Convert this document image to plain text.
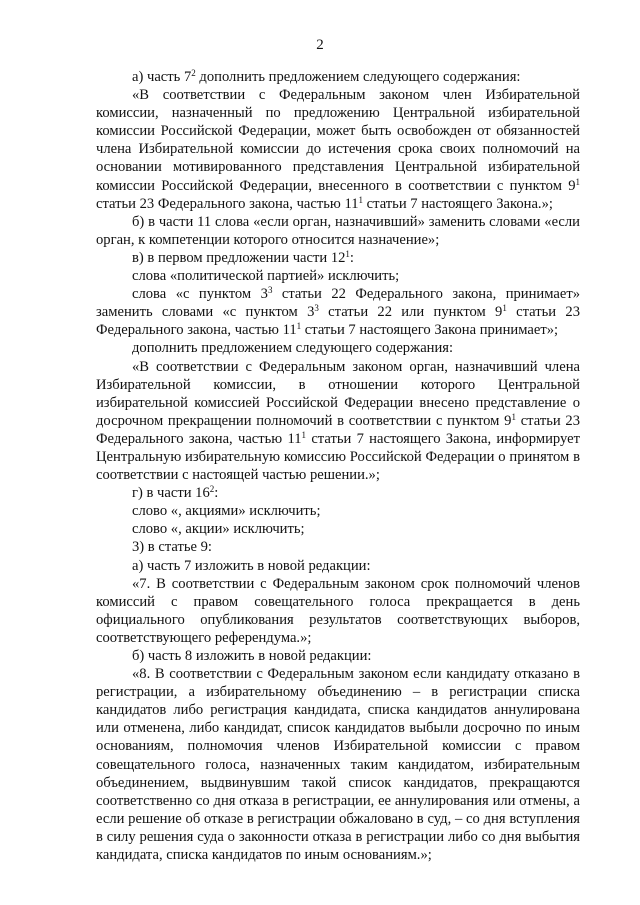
2

а) часть $7^2$ дополнить предложением следующего содержания:

«В соответствии с Федеральным законом член Избирательной комиссии, назначенный по предложению Центральной избирательной комиссии Российской Федерации, может быть освобожден от обязанностей члена Избирательной комиссии до истечения срока своих полномочий на основании мотивированного представления Центральной избирательной комиссии Российской Федерации, внесенного в соответствии с пунктом $9^1$ статьи 23 Федерального закона, частью $11^1$ статьи 7 настоящего Закона.»;

б) в части 11 слова «если орган, назначивший» заменить словами «если орган, к компетенции которого относится назначение»;

в) в первом предложении части $12^1$:

слова «политической партией» исключить;

слова «с пунктом $3^3$ статьи 22 Федерального закона, принимает» заменить словами «с пунктом $3^3$ статьи 22 или пунктом $9^1$ статьи 23 Федерального закона, частью $11^1$ статьи 7 настоящего Закона принимает»;

дополнить предложением следующего содержания:

«В соответствии с Федеральным законом орган, назначивший члена Избирательной комиссии, в отношении которого Центральной избирательной комиссией Российской Федерации внесено представление о досрочном прекращении полномочий в соответствии с пунктом $9^1$ статьи 23 Федерального закона, частью $11^1$ статьи 7 настоящего Закона, информирует Центральную избирательную комиссию Российской Федерации о принятом в соответствии с настоящей частью решении.»;

г) в части $16^2$:

слово «, акциями» исключить;

слово «, акции» исключить;

3) в статье 9:

а) часть 7 изложить в новой редакции:

«7. В соответствии с Федеральным законом срок полномочий членов комиссий с правом совещательного голоса прекращается в день официального опубликования результатов соответствующих выборов, соответствующего референдума.»;

б) часть 8 изложить в новой редакции:

«8. В соответствии с Федеральным законом если кандидату отказано в регистрации, а избирательному объединению – в регистрации списка кандидатов либо регистрация кандидата, списка кандидатов аннулирована или отменена, либо кандидат, список кандидатов выбыли досрочно по иным основаниям, полномочия членов Избирательной комиссии с правом совещательного голоса, назначенных таким кандидатом, избирательным объединением, выдвинувшим такой список кандидатов, прекращаются соответственно со дня отказа в регистрации, ее аннулирования или отмены, а если решение об отказе в регистрации обжаловано в суд, – со дня вступления в силу решения суда о законности отказа в регистрации либо со дня выбытия кандидата, списка кандидатов по иным основаниям.»;
